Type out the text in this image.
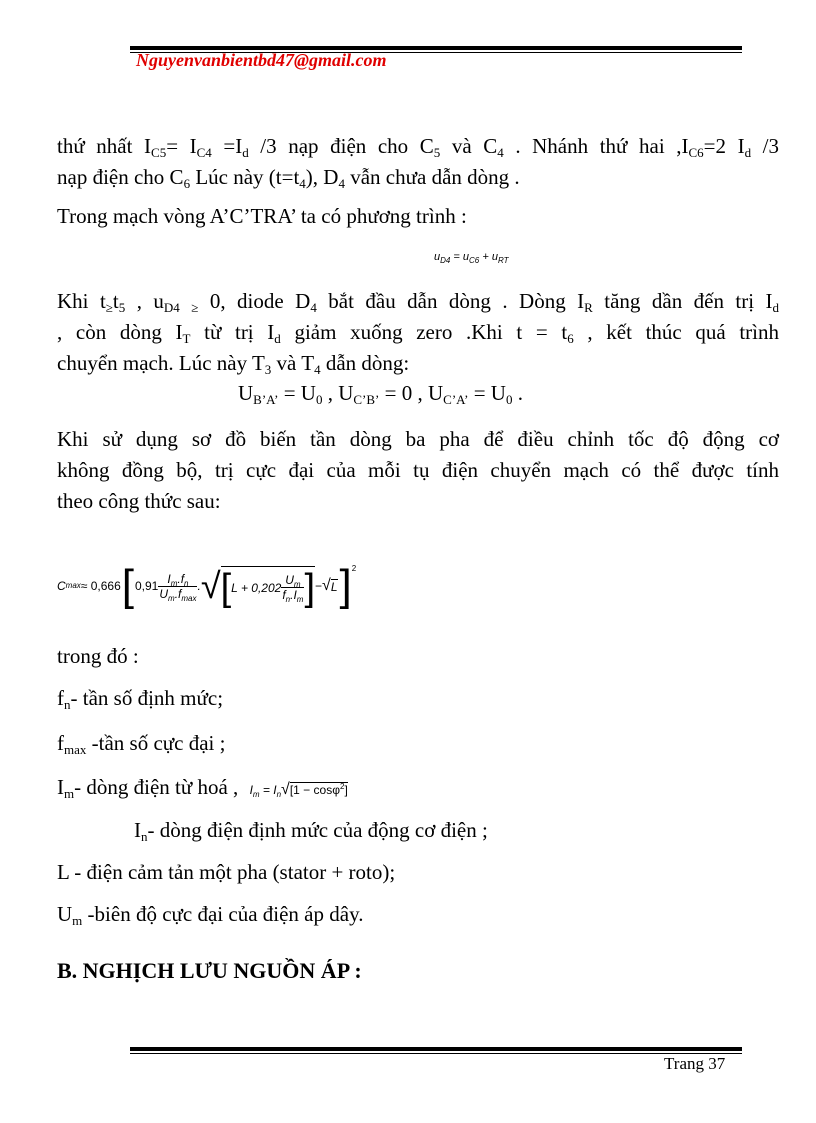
Nguyenvanbientbd47@gmail.com
thứ nhất $I_{C5}= I_{C4} =I_d$ /3 nạp điện cho $C_5$ và $C_4$ . Nhánh thứ hai $,I_{C6}=2$ $I_d$ /3
nạp điện cho $C_6$ Lúc này $(t=t_4)$, $D_4$ vẫn chưa dẫn dòng .
Trong mạch vòng A’C’TRA’ ta có phương trình :
$u_{D4} = u_{C6} + u_{RT}$
Khi $t_\ge t_5$ , $u_{D4}$ $_\ge$ 0, diode $D_4$ bắt đầu dẫn dòng . Dòng $I_R$ tăng dần đến trị $I_d$
, còn dòng $I_T$ từ trị $I_d$ giảm xuống zero .Khi $t = t_6$ , kết thúc quá trình
chuyển mạch. Lúc này $T_3$ và $T_4$ dẫn dòng:
$U_{B’A’} = U_0$ , $U_{C’B’} = 0$ , $U_{C’A’} = U_0$ .
Khi sử dụng sơ đồ biến tần dòng ba pha để điều chỉnh tốc độ động cơ
không đồng bộ, trị cực đại của mỗi tụ điện chuyển mạch có thể được tính
theo công thức sau:
C max ≈ 0,666 [ $0,91 \frac{I_m.f_n}{U_m.f_{max}}$ . √ [ $L + 0,202 \frac{U_m}{f_n.I_m}$ ] − √ L ] 2
trong đó :
$f_n-$ tần số định mức;
$f_{max}$ -tần số cực đại ;
$I_m-$ dòng điện từ hoá , $I_m = I_n√[1 - \cos\varphi^2]$
$I_n-$ dòng điện định mức của động cơ điện ;
L - điện cảm tản một pha (stator + roto);
$U_m$ -biên độ cực đại của điện áp dây.
B. NGHỊCH LƯU NGUỒN ÁP :
Trang 37
